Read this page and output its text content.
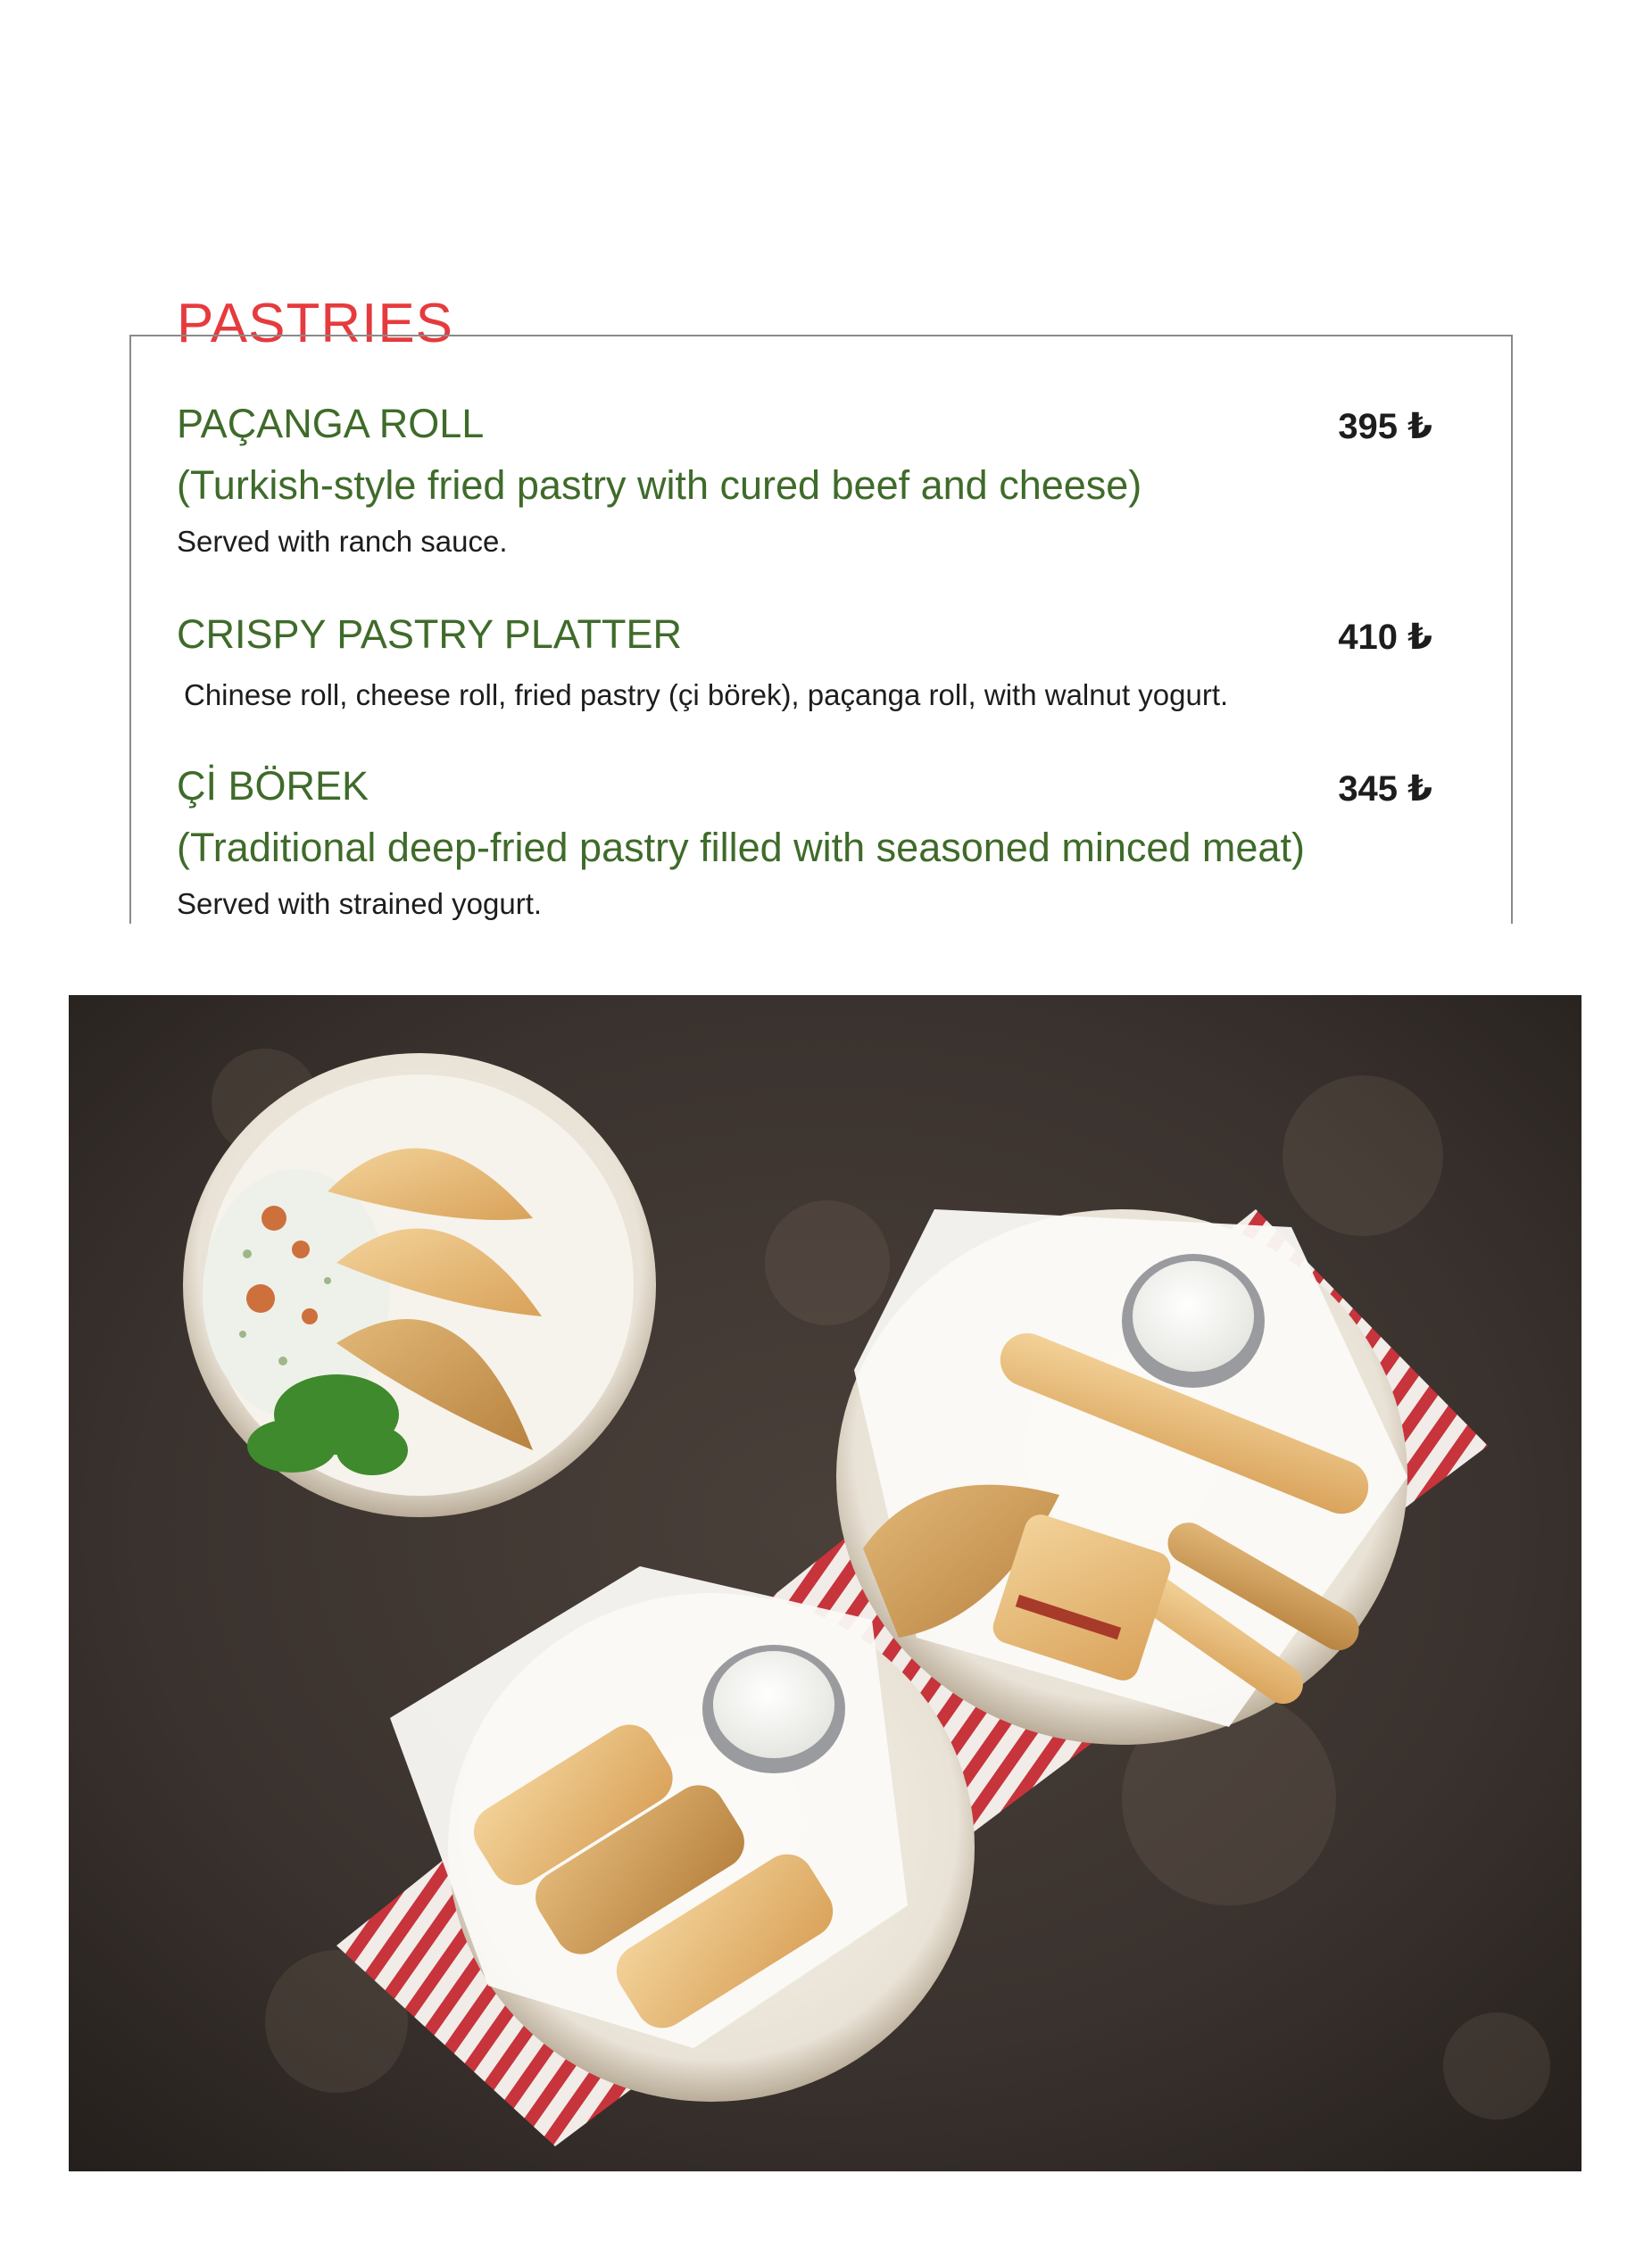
PASTRIES
PAÇANGA ROLL	395 ₺
(Turkish-style fried pastry with cured beef and cheese)
Served with ranch sauce.
CRISPY PASTRY PLATTER	410 ₺
Chinese roll, cheese roll, fried pastry (çi börek), paçanga roll, with walnut yogurt.
Çİ BÖREK	345 ₺
(Traditional deep-fried pastry filled with seasoned minced meat)
Served with strained yogurt.
